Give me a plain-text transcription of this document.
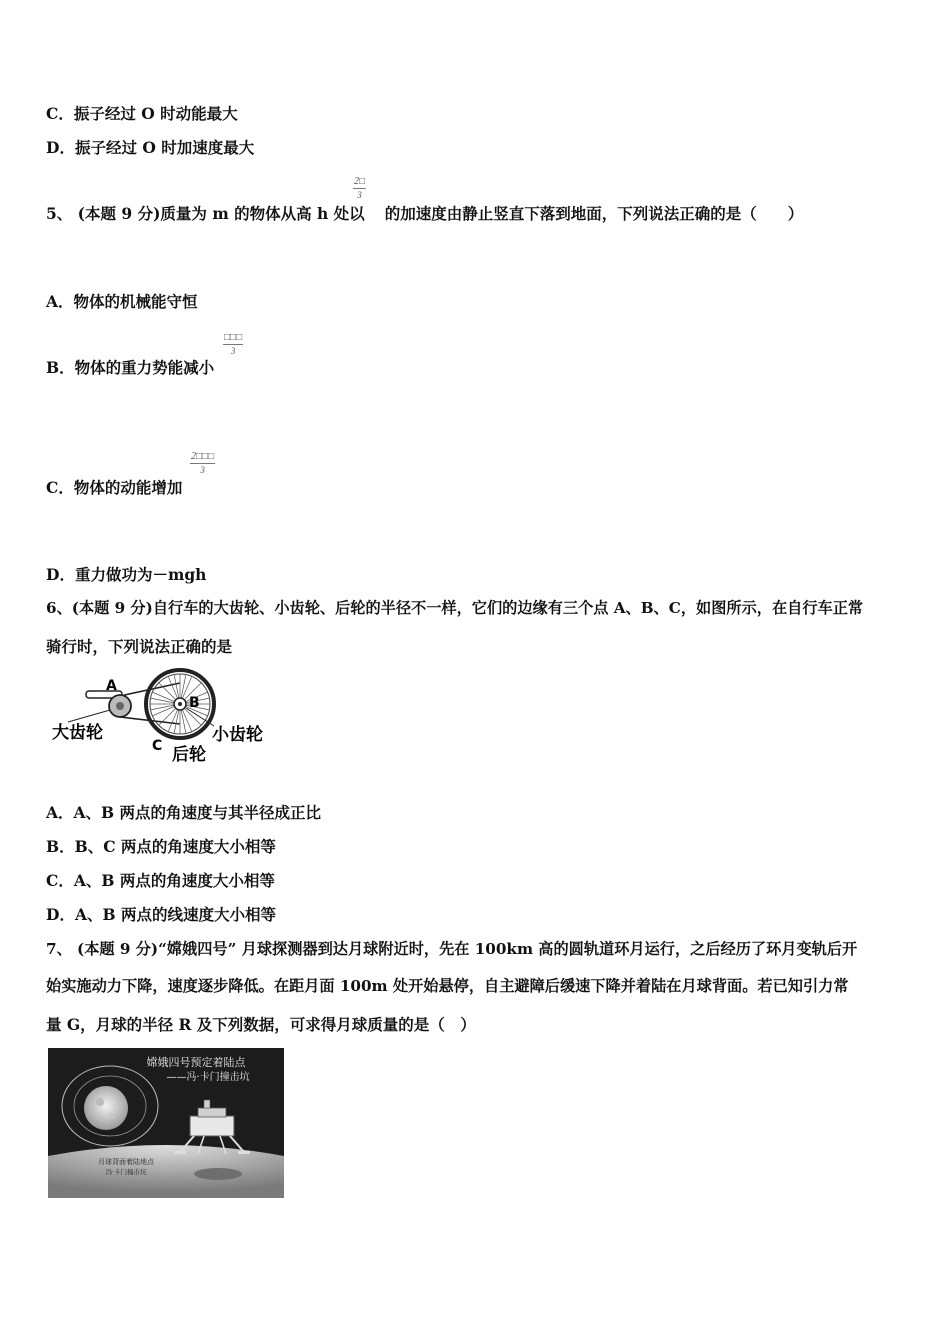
C．振子经过 O 时动能最大
D．振子经过 O 时加速度最大
5、 (本题 9 分)质量为 m 的物体从高 h 处以 的加速度由静止竖直下落到地面，下列说法正确的是（　　）
$\frac{2□}{3}$
A．物体的机械能守恒
B．物体的重力势能减小
□□□
3
C．物体的动能增加
$\frac{2□□□}{3}$
D．重力做功为－mgh
6、(本题 9 分)自行车的大齿轮、小齿轮、后轮的半径不一样，它们的边缘有三个点 A、B、C，如图所示，在自行车正常
骑行时，下列说法正确的是
A
B
C
大齿轮	小齿轮
后轮
A．A、B 两点的角速度与其半径成正比
B．B、C 两点的角速度大小相等
C．A、B 两点的角速度大小相等
D．A、B 两点的线速度大小相等
7、 (本题 9 分)“嫦娥四号” 月球探测器到达月球附近时，先在 100km 高的圆轨道环月运行，之后经历了环月变轨后开
始实施动力下降，速度逐步降低。在距月面 100m 处开始悬停，自主避障后缓速下降并着陆在月球背面。若已知引力常
量 G，月球的半径 R 及下列数据，可求得月球质量的是（　）
嫦娥四号预定着陆点
——冯·卡门撞击坑
月球背面着陆地点
冯·卡门撞击坑
